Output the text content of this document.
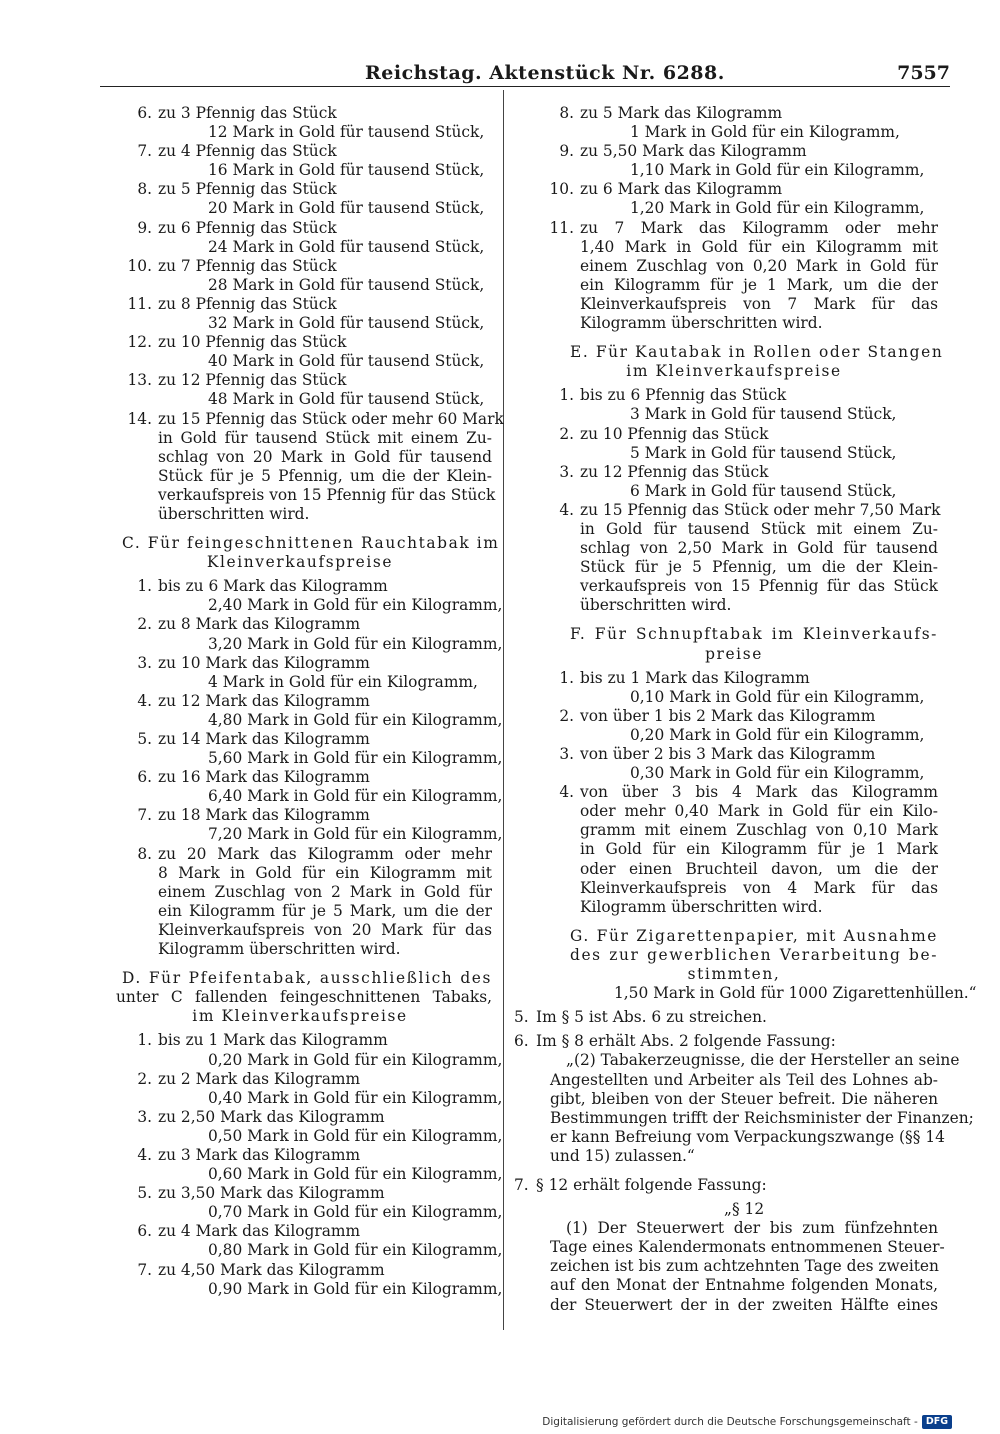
Reichstag. Aktenstück Nr. 6288.	7557
6. zu 3 Pfennig das Stück
12 Mark in Gold für tausend Stück,
7. zu 4 Pfennig das Stück
16 Mark in Gold für tausend Stück,
8. zu 5 Pfennig das Stück
20 Mark in Gold für tausend Stück,
9. zu 6 Pfennig das Stück
24 Mark in Gold für tausend Stück,
10. zu 7 Pfennig das Stück
28 Mark in Gold für tausend Stück,
11. zu 8 Pfennig das Stück
32 Mark in Gold für tausend Stück,
12. zu 10 Pfennig das Stück
40 Mark in Gold für tausend Stück,
13. zu 12 Pfennig das Stück
48 Mark in Gold für tausend Stück,
14. zu 15 Pfennig das Stück oder mehr 60 Mark
in Gold für tausend Stück mit einem Zu-
schlag von 20 Mark in Gold für tausend
Stück für je 5 Pfennig, um die der Klein-
verkaufspreis von 15 Pfennig für das Stück
überschritten wird.
C. Für feingeschnittenen Rauchtabak im
Kleinverkaufspreise
1. bis zu 6 Mark das Kilogramm
2,40 Mark in Gold für ein Kilogramm,
2. zu 8 Mark das Kilogramm
3,20 Mark in Gold für ein Kilogramm,
3. zu 10 Mark das Kilogramm
4 Mark in Gold für ein Kilogramm,
4. zu 12 Mark das Kilogramm
4,80 Mark in Gold für ein Kilogramm,
5. zu 14 Mark das Kilogramm
5,60 Mark in Gold für ein Kilogramm,
6. zu 16 Mark das Kilogramm
6,40 Mark in Gold für ein Kilogramm,
7. zu 18 Mark das Kilogramm
7,20 Mark in Gold für ein Kilogramm,
8. zu 20 Mark das Kilogramm oder mehr
8 Mark in Gold für ein Kilogramm mit
einem Zuschlag von 2 Mark in Gold für
ein Kilogramm für je 5 Mark, um die der
Kleinverkaufspreis von 20 Mark für das
Kilogramm überschritten wird.
D. Für Pfeifentabak, ausschließlich des
unter C fallenden feingeschnittenen Tabaks,
im Kleinverkaufspreise
1. bis zu 1 Mark das Kilogramm
0,20 Mark in Gold für ein Kilogramm,
2. zu 2 Mark das Kilogramm
0,40 Mark in Gold für ein Kilogramm,
3. zu 2,50 Mark das Kilogramm
0,50 Mark in Gold für ein Kilogramm,
4. zu 3 Mark das Kilogramm
0,60 Mark in Gold für ein Kilogramm,
5. zu 3,50 Mark das Kilogramm
0,70 Mark in Gold für ein Kilogramm,
6. zu 4 Mark das Kilogramm
0,80 Mark in Gold für ein Kilogramm,
7. zu 4,50 Mark das Kilogramm
0,90 Mark in Gold für ein Kilogramm,
8. zu 5 Mark das Kilogramm
1 Mark in Gold für ein Kilogramm,
9. zu 5,50 Mark das Kilogramm
1,10 Mark in Gold für ein Kilogramm,
10. zu 6 Mark das Kilogramm
1,20 Mark in Gold für ein Kilogramm,
11. zu 7 Mark das Kilogramm oder mehr
1,40 Mark in Gold für ein Kilogramm mit
einem Zuschlag von 0,20 Mark in Gold für
ein Kilogramm für je 1 Mark, um die der
Kleinverkaufspreis von 7 Mark für das
Kilogramm überschritten wird.
E. Für Kautabak in Rollen oder Stangen
im Kleinverkaufspreise
1. bis zu 6 Pfennig das Stück
3 Mark in Gold für tausend Stück,
2. zu 10 Pfennig das Stück
5 Mark in Gold für tausend Stück,
3. zu 12 Pfennig das Stück
6 Mark in Gold für tausend Stück,
4. zu 15 Pfennig das Stück oder mehr 7,50 Mark
in Gold für tausend Stück mit einem Zu-
schlag von 2,50 Mark in Gold für tausend
Stück für je 5 Pfennig, um die der Klein-
verkaufspreis von 15 Pfennig für das Stück
überschritten wird.
F. Für Schnupftabak im Kleinverkaufs-
preise
1. bis zu 1 Mark das Kilogramm
0,10 Mark in Gold für ein Kilogramm,
2. von über 1 bis 2 Mark das Kilogramm
0,20 Mark in Gold für ein Kilogramm,
3. von über 2 bis 3 Mark das Kilogramm
0,30 Mark in Gold für ein Kilogramm,
4. von über 3 bis 4 Mark das Kilogramm
oder mehr 0,40 Mark in Gold für ein Kilo-
gramm mit einem Zuschlag von 0,10 Mark
in Gold für ein Kilogramm für je 1 Mark
oder einen Bruchteil davon, um die der
Kleinverkaufspreis von 4 Mark für das
Kilogramm überschritten wird.
G. Für Zigarettenpapier, mit Ausnahme
des zur gewerblichen Verarbeitung be-
stimmten,
1,50 Mark in Gold für 1000 Zigarettenhüllen.“
5. Im § 5 ist Abs. 6 zu streichen.
6. Im § 8 erhält Abs. 2 folgende Fassung:
„(2) Tabakerzeugnisse, die der Hersteller an seine
Angestellten und Arbeiter als Teil des Lohnes ab-
gibt, bleiben von der Steuer befreit. Die näheren
Bestimmungen trifft der Reichsminister der Finanzen;
er kann Befreiung vom Verpackungszwange (§§ 14
und 15) zulassen.“
7. § 12 erhält folgende Fassung:
„§ 12
(1) Der Steuerwert der bis zum fünfzehnten
Tage eines Kalendermonats entnommenen Steuer-
zeichen ist bis zum achtzehnten Tage des zweiten
auf den Monat der Entnahme folgenden Monats,
der Steuerwert der in der zweiten Hälfte eines
Digitalisierung gefördert durch die Deutsche Forschungsgemeinschaft - DFG
